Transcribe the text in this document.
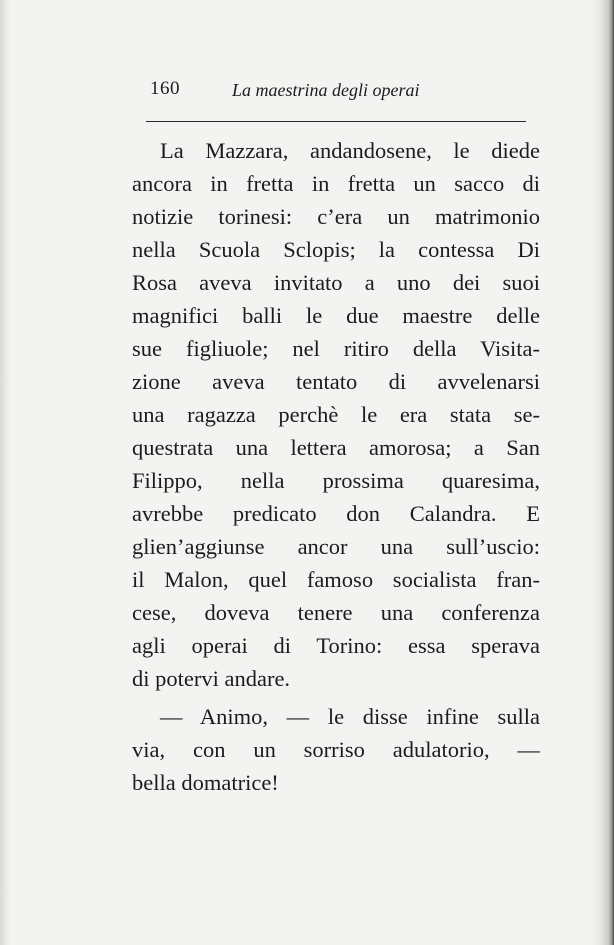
160	La maestrina degli operai
La Mazzara, andandosene, le diede
ancora in fretta in fretta un sacco di
notizie torinesi: c’era un matrimonio
nella Scuola Sclopis; la contessa Di
Rosa aveva invitato a uno dei suoi
magnifici balli le due maestre delle
sue figliuole; nel ritiro della Visita-
zione aveva tentato di avvelenarsi
una ragazza perchè le era stata se-
questrata una lettera amorosa; a San
Filippo, nella prossima quaresima,
avrebbe predicato don Calandra. E
glien’aggiunse ancor una sull’uscio:
il Malon, quel famoso socialista fran-
cese, doveva tenere una conferenza
agli operai di Torino: essa sperava
di potervi andare.
— Animo, — le disse infine sulla
via, con un sorriso adulatorio, —
bella domatrice!
